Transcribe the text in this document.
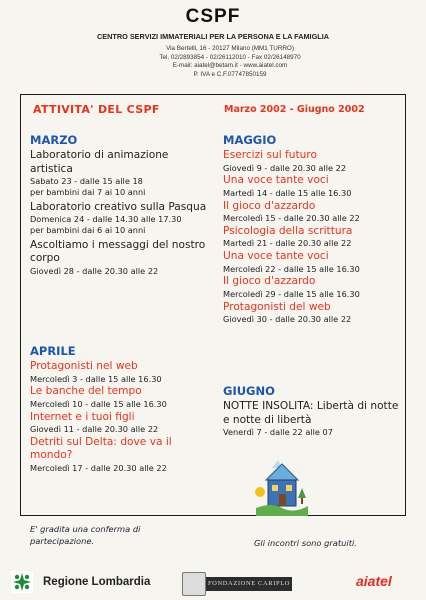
CSPF
CENTRO SERVIZI IMMATERIALI PER LA PERSONA E LA FAMIGLIA
Via Bertelli, 16 - 20127 Milano (MM1 TURRO)
Tel. 02/2893854 - 02/26112010 - Fax 02/26148970
E-mail: aiatel@betam.it - www.aiatel.com
P. IVA e C.F.07747850159
ATTIVITA' DEL CSPF	Marzo 2002 - Giugno 2002
MARZO
Laboratorio di animazione artistica
Sabato 23 - dalle 15 alle 18
per bambini dai 7 ai 10 anni
Laboratorio creativo sulla Pasqua
Domenica 24 - dalle 14.30 alle 17.30
per bambini dai 6 ai 10 anni
Ascoltiamo i messaggi del nostro corpo
Giovedì 28 - dalle 20.30 alle 22
APRILE
Protagonisti nel web
Mercoledì 3 - dalle 15 alle 16.30
Le banche del tempo
Mercoledì 10 - dalle 15 alle 16.30
Internet e i tuoi figli
Giovedì 11 - dalle 20.30 alle 22
Detriti sul Delta: dove va il mondo?
Mercoledì 17 - dalle 20.30 alle 22
MAGGIO
Esercizi sul futuro
Giovedì 9 - dalle 20.30 alle 22
Una voce tante voci
Martedì 14 - dalle 15 alle 16.30
Il gioco d'azzardo
Mercoledì 15 - dalle 20.30 alle 22
Psicologia della scrittura
Martedì 21 - dalle 20.30 alle 22
Una voce tante voci
Mercoledì 22 - dalle 15 alle 16.30
Il gioco d'azzardo
Mercoledì 29 - dalle 15 alle 16.30
Protagonisti del web
Giovedì 30 - dalle 20.30 alle 22
GIUGNO
NOTTE INSOLITA: Libertà di notte e notte di libertà
Venerdì 7 - dalle 22 alle 07
E' gradita una conferma di
partecipazione.	Gli incontri sono gratuiti.
Regione Lombardia	FONDAZIONE CARIPLO	aiatel
